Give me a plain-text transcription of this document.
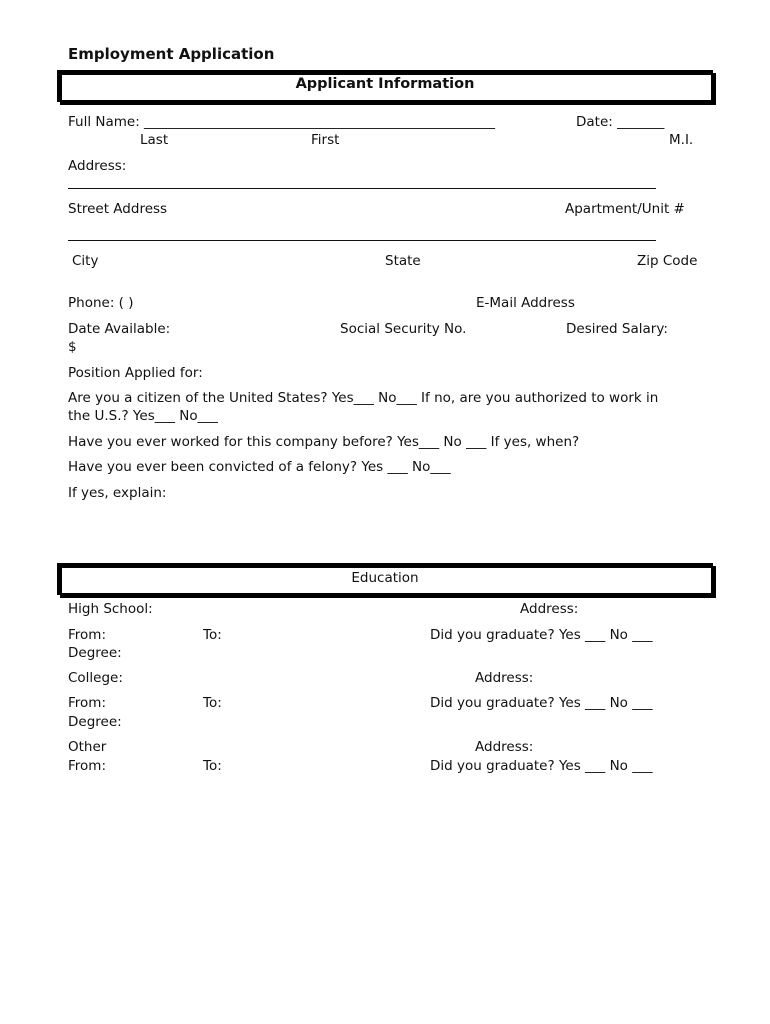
Employment Application
Applicant Information
Full Name: ____________________________________________________	Date: _______
Last	First	M.I.
Address:
Street Address	Apartment/Unit #
City	State	Zip Code
Phone: ( )	E-Mail Address
Date Available:	Social Security No.	Desired Salary:
$
Position Applied for:
Are you a citizen of the United States? Yes___ No___ If no, are you authorized to work in
the U.S.? Yes___ No___
Have you ever worked for this company before? Yes___ No ___ If yes, when?
Have you ever been convicted of a felony? Yes ___ No___
If yes, explain:
Education
High School:	Address:
From:	To:	Did you graduate? Yes ___ No ___
Degree:
College:	Address:
From:	To:	Did you graduate? Yes ___ No ___
Degree:
Other	Address:
From:	To:	Did you graduate? Yes ___ No ___
